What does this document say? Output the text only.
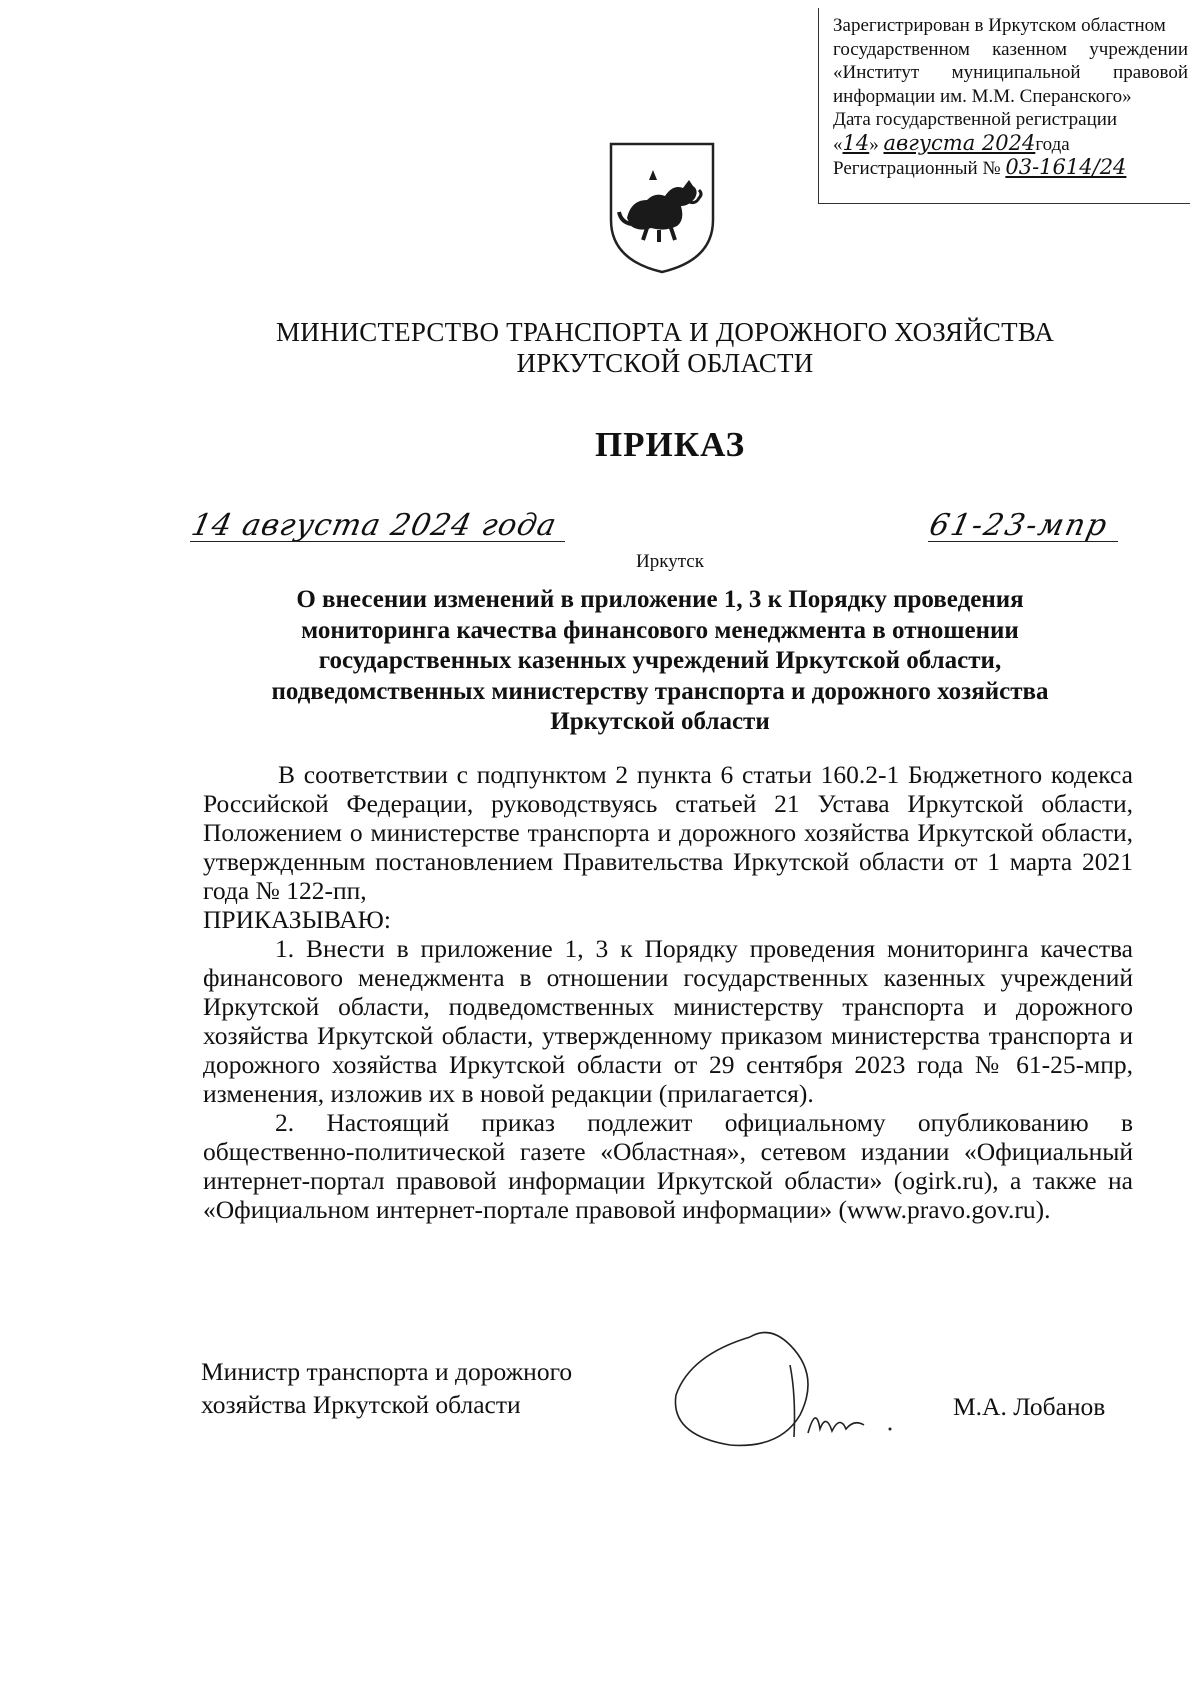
Зарегистрирован в Иркутском областном
государственном казенном учреждении
«Институт муниципальной правовой
информации им. М.М. Сперанского»
Дата государственной регистрации
«14» августа 2024года
Регистрационный № 03-1614/24
МИНИСТЕРСТВО ТРАНСПОРТА И ДОРОЖНОГО ХОЗЯЙСТВА
ИРКУТСКОЙ ОБЛАСТИ
ПРИКАЗ
14 августа 2024 года	61-23-мпр
Иркутск
О внесении изменений в приложение 1, 3 к Порядку проведения
мониторинга качества финансового менеджмента в отношении
государственных казенных учреждений Иркутской области,
подведомственных министерству транспорта и дорожного хозяйства
Иркутской области

В соответствии с подпунктом 2 пункта 6 статьи 160.2-1 Бюджетного кодекса Российской Федерации, руководствуясь статьей 21 Устава Иркутской области, Положением о министерстве транспорта и дорожного хозяйства Иркутской области, утвержденным постановлением Правительства Иркутской области от 1 марта 2021 года № 122-пп,

ПРИКАЗЫВАЮ:

1. Внести в приложение 1, 3 к Порядку проведения мониторинга качества финансового менеджмента в отношении государственных казенных учреждений Иркутской области, подведомственных министерству транспорта и дорожного хозяйства Иркутской области, утвержденному приказом министерства транспорта и дорожного хозяйства Иркутской области от 29 сентября 2023 года № 61-25-мпр, изменения, изложив их в новой редакции (прилагается).

2. Настоящий приказ подлежит официальному опубликованию в общественно-политической газете «Областная», сетевом издании «Официальный интернет-портал правовой информации Иркутской области» (ogirk.ru), а также на «Официальном интернет-портале правовой информации» (www.pravo.gov.ru).

Министр транспорта и дорожного
хозяйства Иркутской области	М.А. Лобанов
